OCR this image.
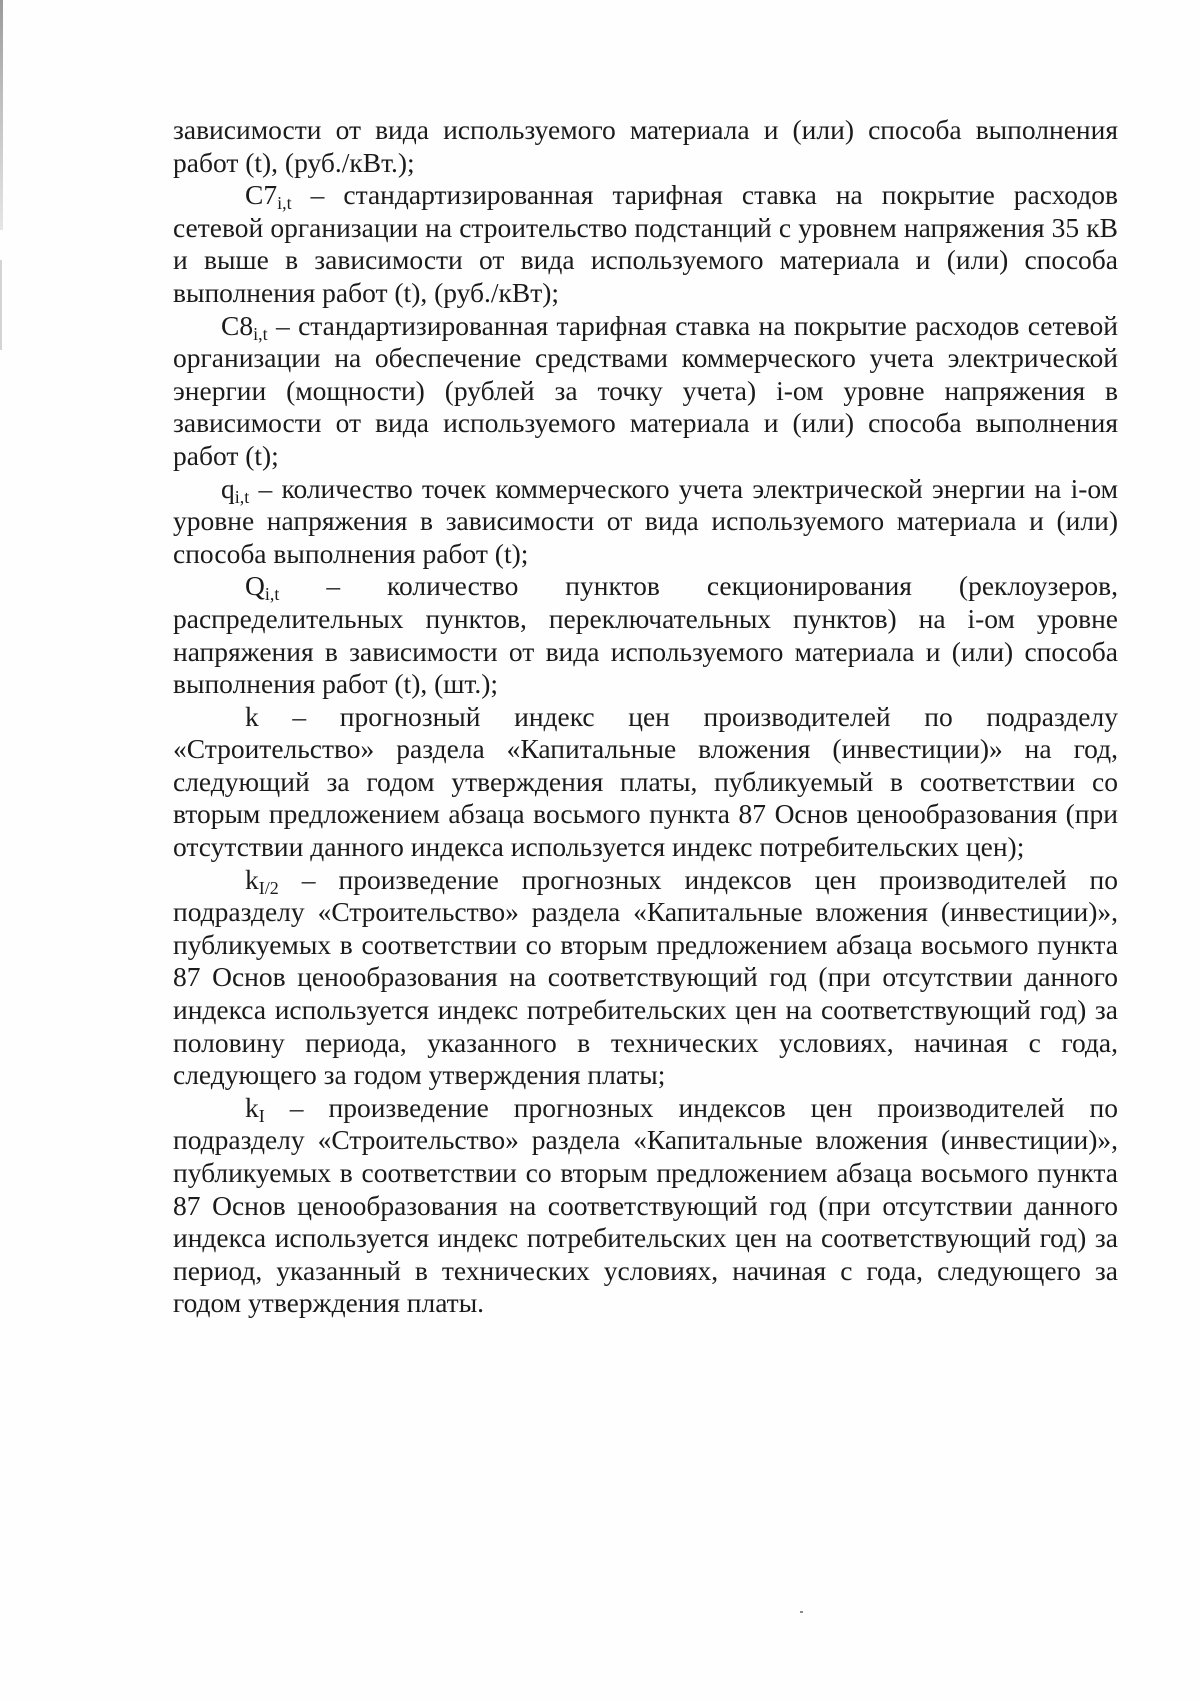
зависимости от вида используемого материала и (или) способа выполнения работ (t), (руб./кВт.);

$C7_{i,t}$ – стандартизированная тарифная ставка на покрытие расходов сетевой организации на строительство подстанций с уровнем напряжения 35 кВ и выше в зависимости от вида используемого материала и (или) способа выполнения работ (t), (руб./кВт);

$C8_{i,t}$ – стандартизированная тарифная ставка на покрытие расходов сетевой организации на обеспечение средствами коммерческого учета электрической энергии (мощности) (рублей за точку учета) i-ом уровне напряжения в зависимости от вида используемого материала и (или) способа выполнения работ (t);

$q_{i,t}$ – количество точек коммерческого учета электрической энергии на i-ом уровне напряжения в зависимости от вида используемого материала и (или) способа выполнения работ (t);

$Q_{i,t}$ – количество пунктов секционирования (реклоузеров, распределительных пунктов, переключательных пунктов) на i-ом уровне напряжения в зависимости от вида используемого материала и (или) способа выполнения работ (t), (шт.);

k – прогнозный индекс цен производителей по подразделу «Строительство» раздела «Капитальные вложения (инвестиции)» на год, следующий за годом утверждения платы, публикуемый в соответствии со вторым предложением абзаца восьмого пункта 87 Основ ценообразования (при отсутствии данного индекса используется индекс потребительских цен);

$k_{I/2}$ – произведение прогнозных индексов цен производителей по подразделу «Строительство» раздела «Капитальные вложения (инвестиции)», публикуемых в соответствии со вторым предложением абзаца восьмого пункта 87 Основ ценообразования на соответствующий год (при отсутствии данного индекса используется индекс потребительских цен на соответствующий год) за половину периода, указанного в технических условиях, начиная с года, следующего за годом утверждения платы;

$k_I$ – произведение прогнозных индексов цен производителей по подразделу «Строительство» раздела «Капитальные вложения (инвестиции)», публикуемых в соответствии со вторым предложением абзаца восьмого пункта 87 Основ ценообразования на соответствующий год (при отсутствии данного индекса используется индекс потребительских цен на соответствующий год) за период, указанный в технических условиях, начиная с года, следующего за годом утверждения платы.
